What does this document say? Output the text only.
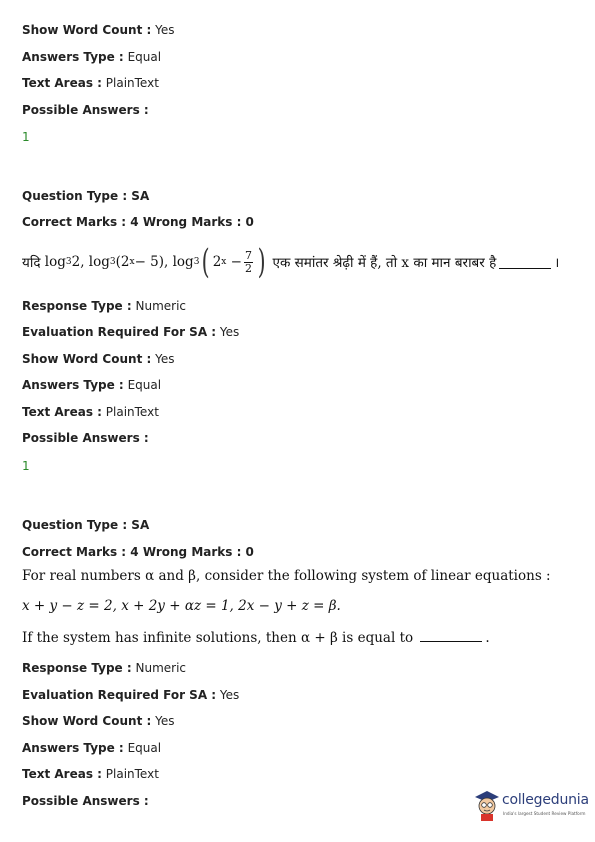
Show Word Count : Yes
Answers Type : Equal
Text Areas : PlainText
Possible Answers :
1
Question Type : SA
Correct Marks : 4 Wrong Marks : 0
यदि
log 3 2, log 3 (2 x − 5), log 3 ( 2 x
− $\frac{7}{2}$ )
एक समांतर श्रेढ़ी में हैं, तो x का मान बराबर है	।
Response Type : Numeric
Evaluation Required For SA : Yes
Show Word Count : Yes
Answers Type : Equal
Text Areas : PlainText
Possible Answers :
1
Question Type : SA
Correct Marks : 4 Wrong Marks : 0
For real numbers α and β, consider the following system of linear equations :
x + y − z = 2, x + 2y + αz = 1, 2x − y + z = β.
If the system has infinite solutions, then α + β is equal to	.
Response Type : Numeric
Evaluation Required For SA : Yes
Show Word Count : Yes
Answers Type : Equal
Text Areas : PlainText
Possible Answers :	collegedunia
India's largest Student Review Platform
